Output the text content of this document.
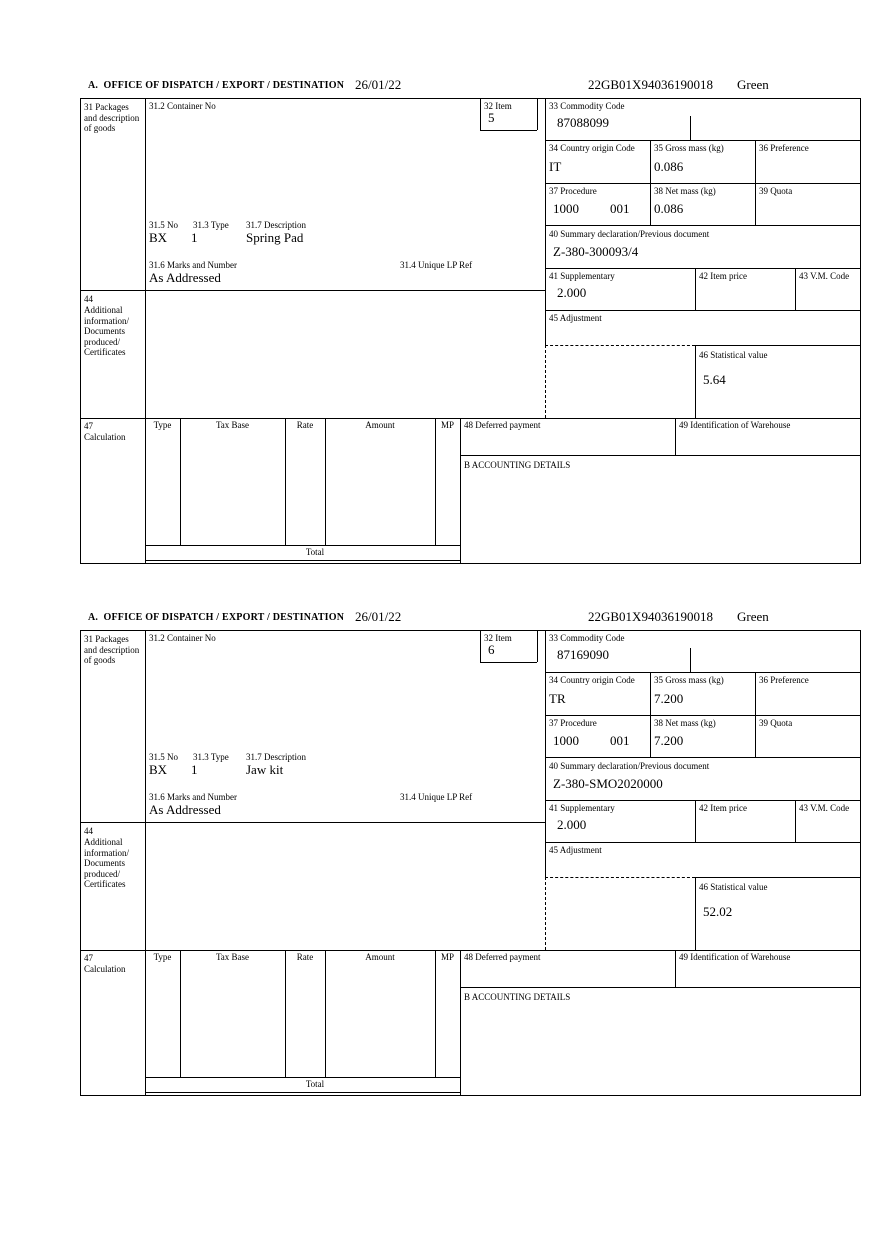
A.  OFFICE OF DISPATCH / EXPORT / DESTINATION 26/01/22	22GB01X94036190018 Green
31 Packages and description of goods
44
Additional information/ Documents produced/ Certificates
47
Calculation
31.2 Container No	32 Item
5
31.5 No 31.3 Type 31.7 Description
BX 1	Spring Pad
31.6 Marks and Number	31.4 Unique LP Ref
As Addressed
33 Commodity Code
87088099
34 Country origin Code
IT
35 Gross mass (kg)
0.086
36 Preference
37 Procedure
1000 001
38 Net mass (kg)
0.086
39 Quota
40 Summary declaration/Previous document
Z-380-300093/4
41 Supplementary
2.000
42 Item price	43 V.M. Code
45 Adjustment
46 Statistical value
5.64
Type	Tax Base	Rate	Amount	MP	48 Deferred payment	49 Identification of Warehouse
B ACCOUNTING DETAILS
Total
A.  OFFICE OF DISPATCH / EXPORT / DESTINATION 26/01/22	22GB01X94036190018 Green
31 Packages and description of goods
44
Additional information/ Documents produced/ Certificates
47
Calculation
31.2 Container No	32 Item
6
31.5 No 31.3 Type 31.7 Description
BX 1	Jaw kit
31.6 Marks and Number	31.4 Unique LP Ref
As Addressed
33 Commodity Code
87169090
34 Country origin Code
TR
35 Gross mass (kg)
7.200
36 Preference
37 Procedure
1000 001
38 Net mass (kg)
7.200
39 Quota
40 Summary declaration/Previous document
Z-380-SMO2020000
41 Supplementary
2.000
42 Item price	43 V.M. Code
45 Adjustment
46 Statistical value
52.02
Type	Tax Base	Rate	Amount	MP	48 Deferred payment	49 Identification of Warehouse
B ACCOUNTING DETAILS
Total
